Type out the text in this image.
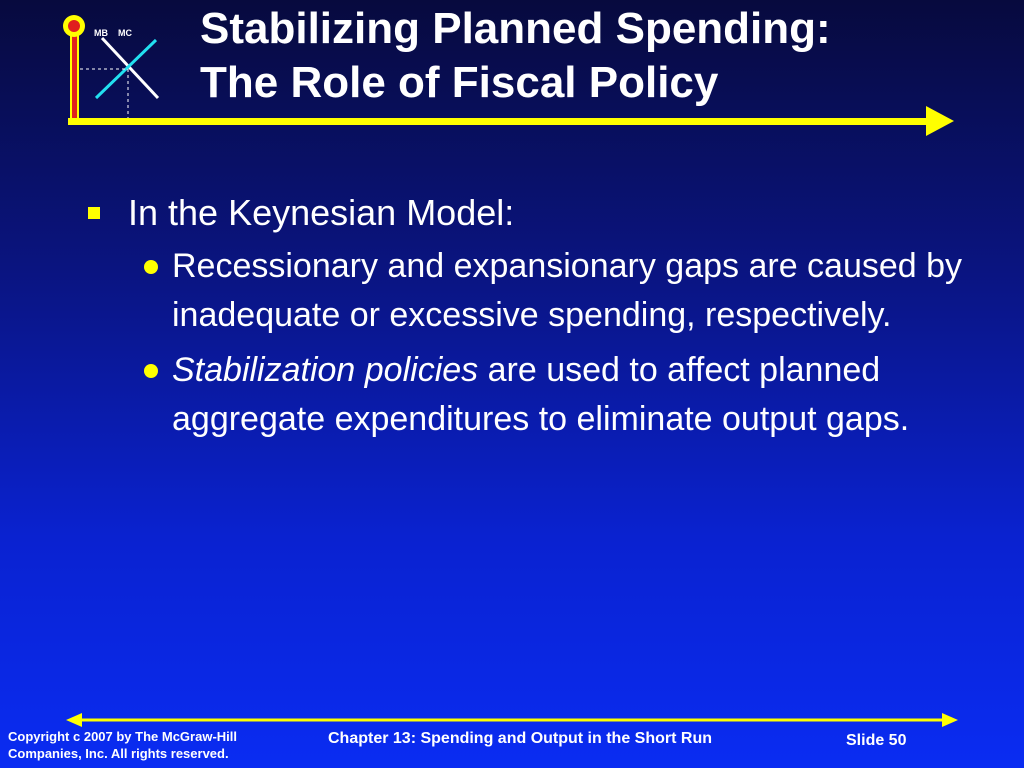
MB MC Stabilizing Planned Spending:
The Role of Fiscal Policy
In the Keynesian Model:
Recessionary and expansionary gaps are caused by inadequate or excessive spending, respectively.
Stabilization policies are used to affect planned aggregate expenditures to eliminate output gaps.
Copyright c 2007 by The McGraw-Hill
Companies, Inc. All rights reserved.
Chapter 13: Spending and Output in the Short Run	Slide 50
